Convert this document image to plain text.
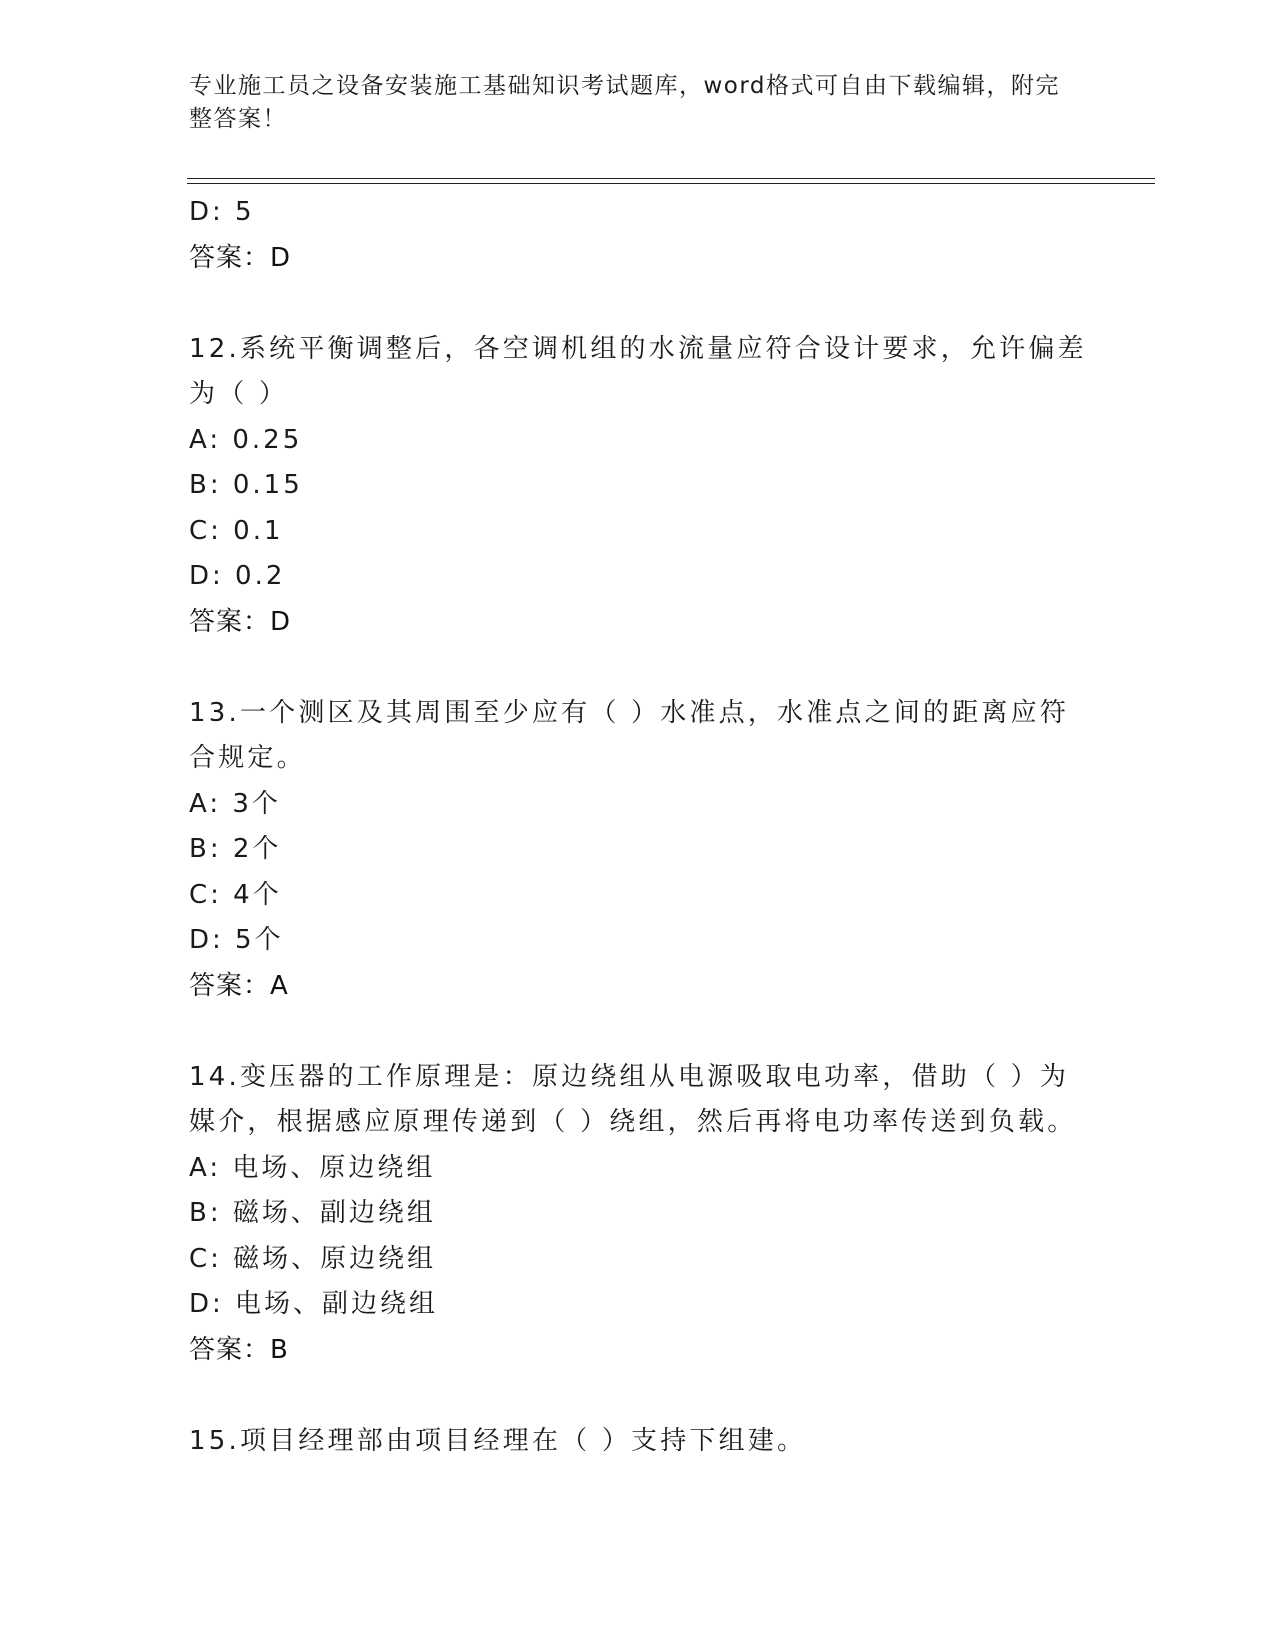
专业施工员之设备安装施工基础知识考试题库，word格式可自由下载编辑，附完整答案！
D: 5
答案：D
12.系统平衡调整后，各空调机组的水流量应符合设计要求，允许偏差为（ ）
A: 0.25
B: 0.15
C: 0.1
D: 0.2
答案：D
13.一个测区及其周围至少应有（ ）水准点，水准点之间的距离应符合规定。
A: 3个
B: 2个
C: 4个
D: 5个
答案：A
14.变压器的工作原理是：原边绕组从电源吸取电功率，借助（ ）为媒介，根据感应原理传递到（ ）绕组，然后再将电功率传送到负载。
A: 电场、原边绕组
B: 磁场、副边绕组
C: 磁场、原边绕组
D: 电场、副边绕组
答案：B
15.项目经理部由项目经理在（ ）支持下组建。
